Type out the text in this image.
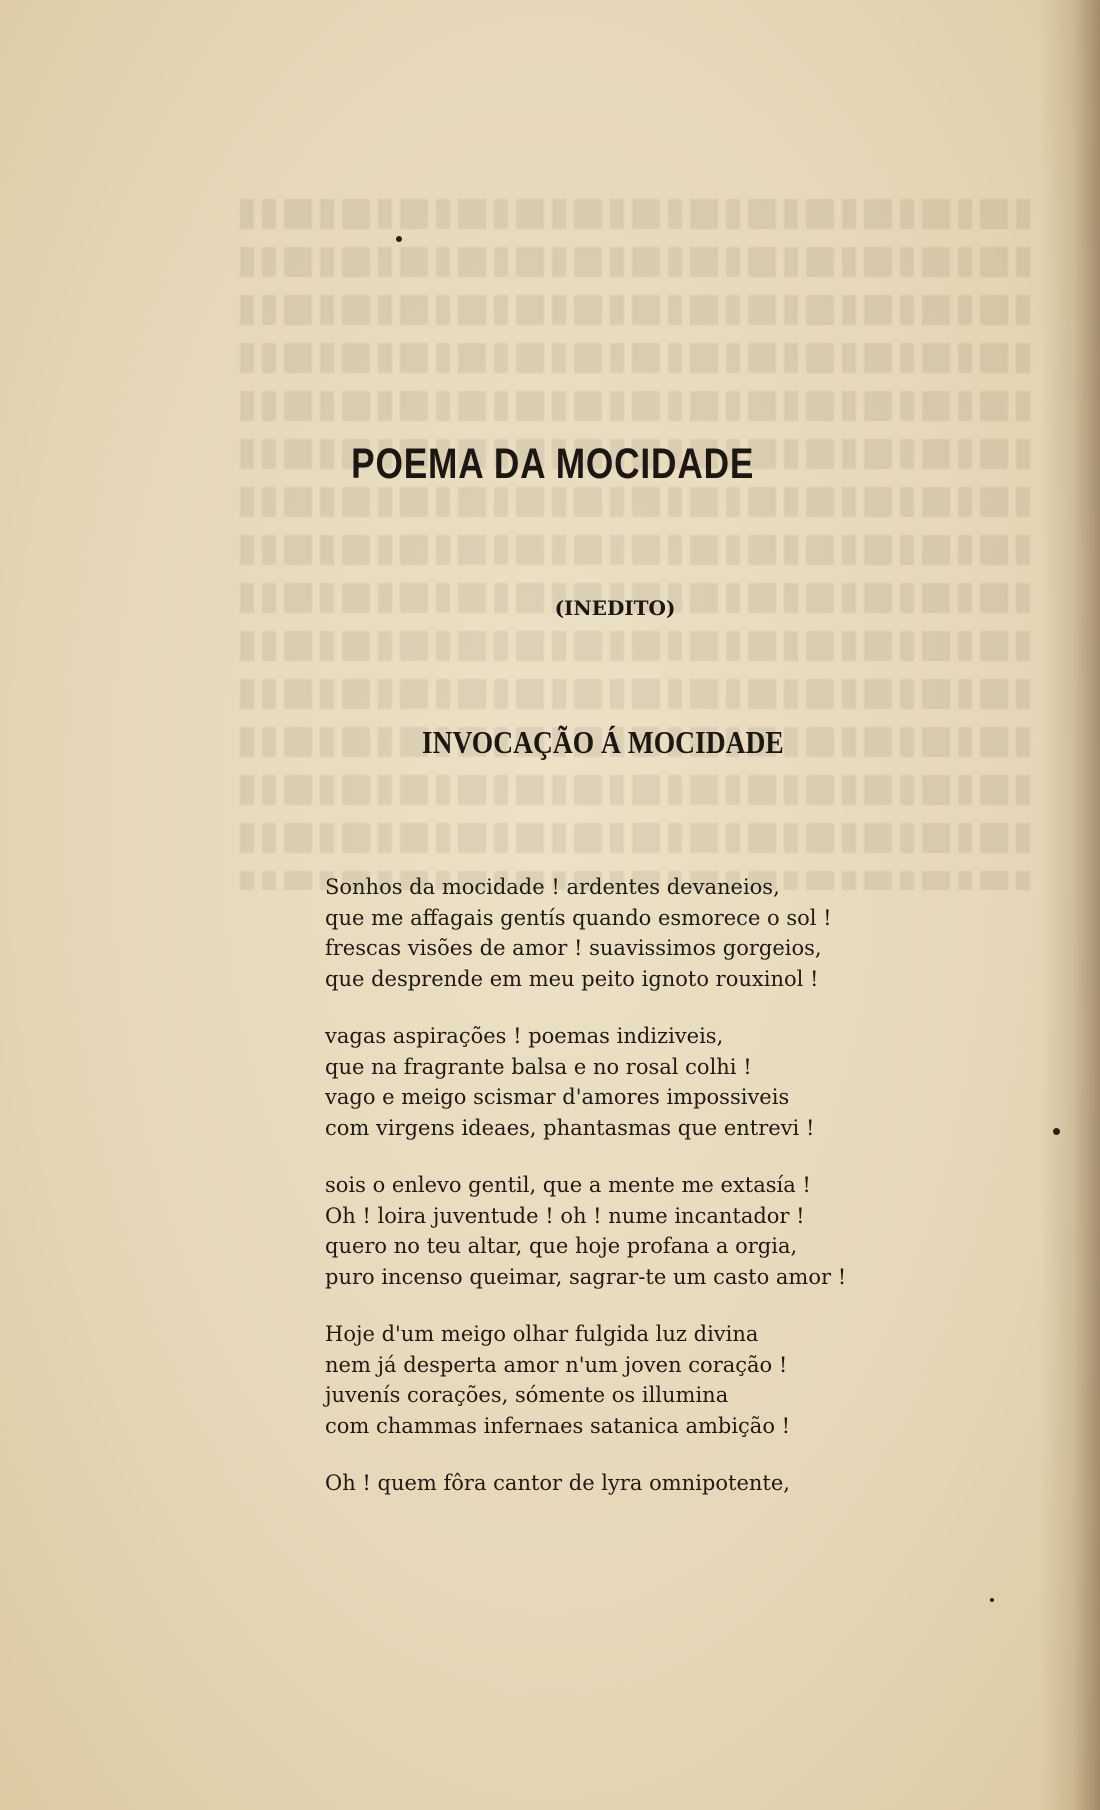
POEMA DA MOCIDADE
(INEDITO)
INVOCAÇÃO Á MOCIDADE
Sonhos da mocidade ! ardentes devaneios,
que me affagais gentís quando esmorece o sol !
frescas visões de amor ! suavissimos gorgeios,
que desprende em meu peito ignoto rouxinol !
vagas aspirações ! poemas indiziveis,
que na fragrante balsa e no rosal colhi !
vago e meigo scismar d'amores impossiveis
com virgens ideaes, phantasmas que entrevi !
sois o enlevo gentil, que a mente me extasía !
Oh ! loira juventude ! oh ! nume incantador !
quero no teu altar, que hoje profana a orgia,
puro incenso queimar, sagrar-te um casto amor !
Hoje d'um meigo olhar fulgida luz divina
nem já desperta amor n'um joven coração !
juvenís corações, sómente os illumina
com chammas infernaes satanica ambição !
Oh ! quem fôra cantor de lyra omnipotente,
